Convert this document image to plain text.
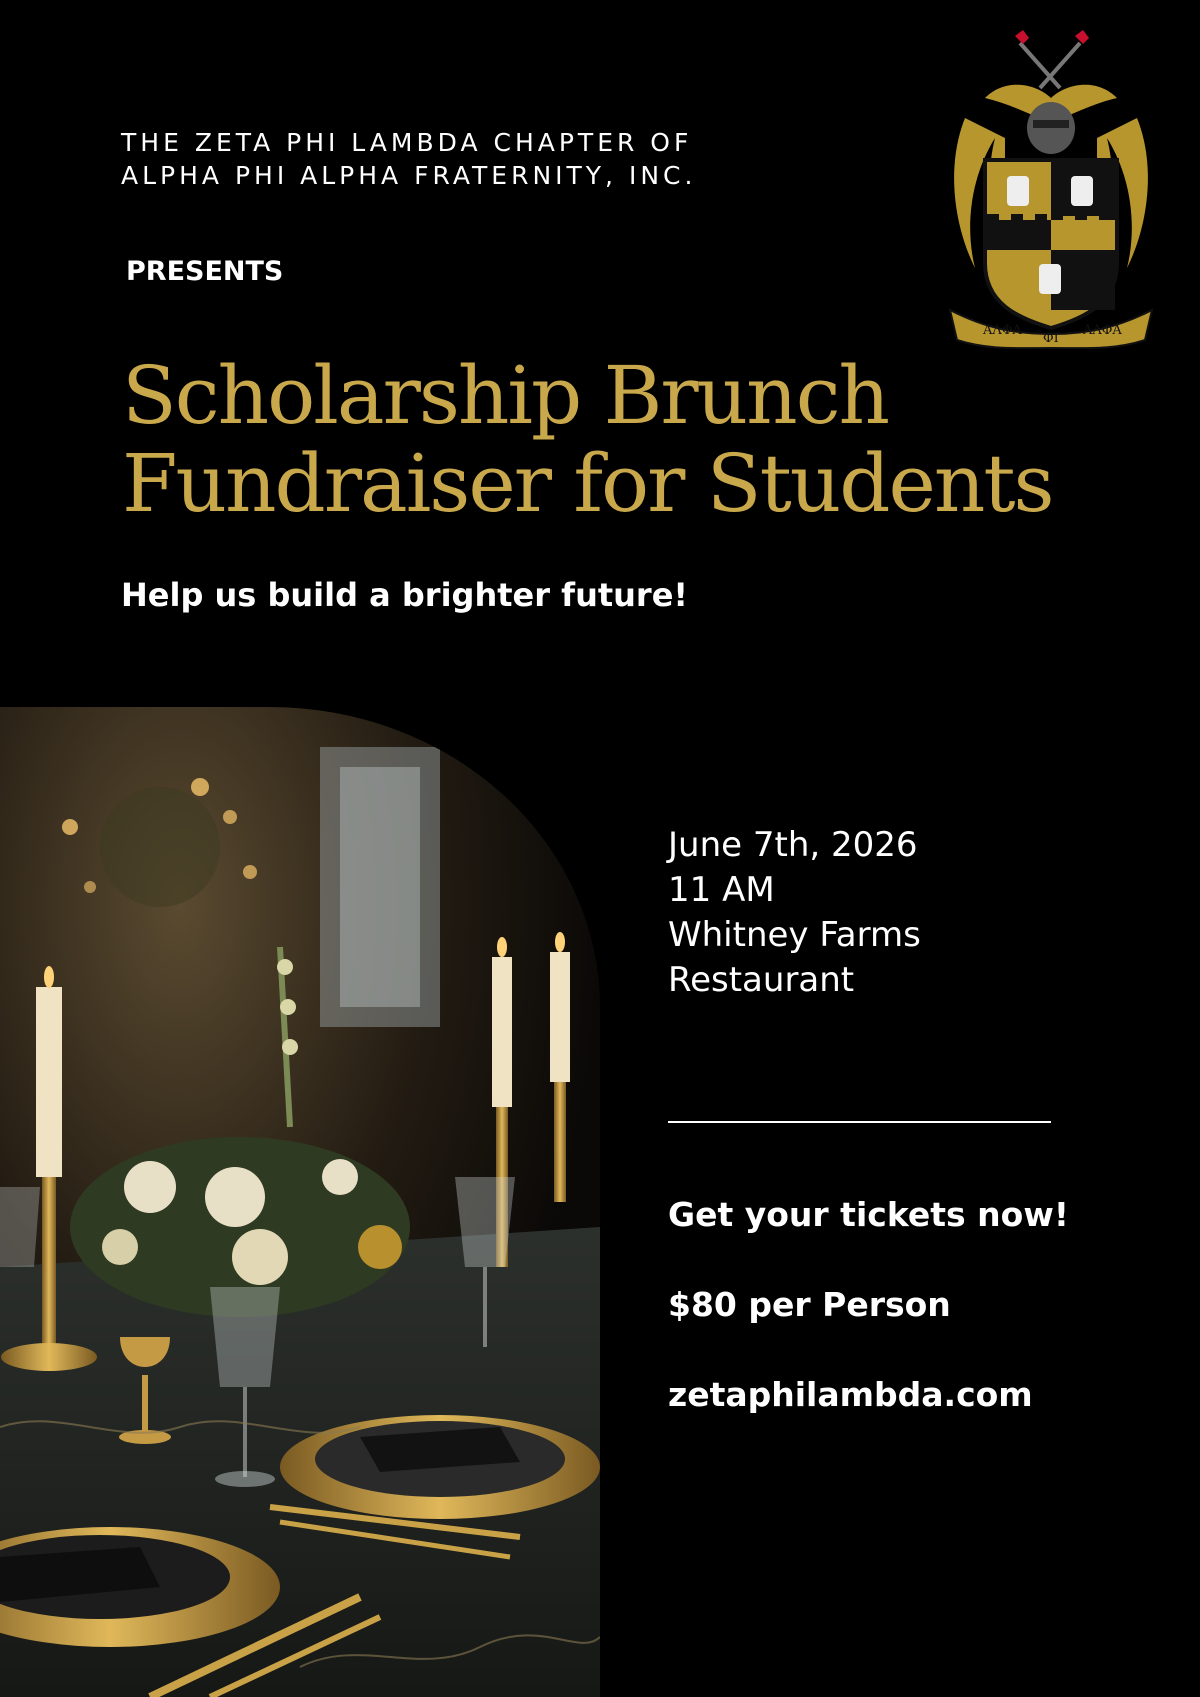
THE ZETA PHI LAMBDA CHAPTER OF
ALPHA PHI ALPHA FRATERNITY, INC.
PRESENTS
Scholarship Brunch
Fundraiser for Students
Help us build a brighter future!
ΑΛΦΑ
ΦΙ
ΑΛΦΑ
June 7th, 2026
11 AM
Whitney Farms
Restaurant
Get your tickets now!
$80 per Person
zetaphilambda.com
